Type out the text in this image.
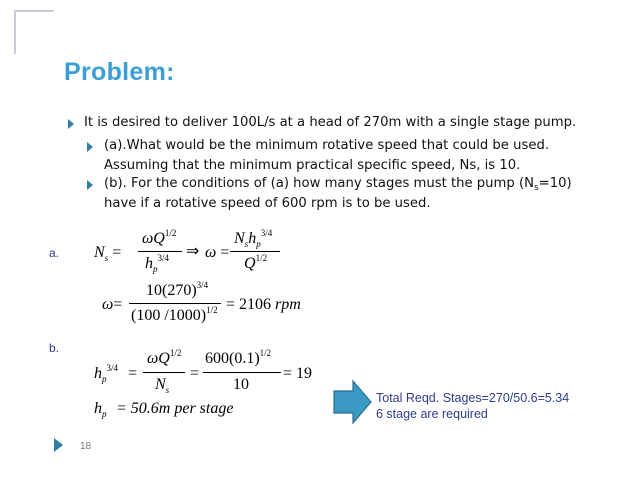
Problem:
It is desired to deliver 100L/s at a head of 270m with a single stage pump.
(a).What would be the minimum rotative speed that could be used.
Assuming that the minimum practical specific speed, Ns, is 10.
(b). For the conditions of (a) how many stages must the pump $(N_s=10)$
have if a rotative speed of 600 rpm is to be used.
a.
b.
$N_s$ =
$\omega Q^{1/2}$
$h_p^{3/4}$ ⇒ ω =
$N_sh_p^{3/4}$
$Q^{1/2}$
ω=
$10(270)^{3/4}$
(100 /1000)$^{1/2}$ = 2106 rpm
$h_p^{3/4}$ =
$\omega Q^{1/2}$
$N_s$
=
$600(0.1)^{1/2}$
10
= 19
$h_p = 50.6m$ per stage
Total Reqd. Stages=270/50.6=5.34
6 stage are required
18
